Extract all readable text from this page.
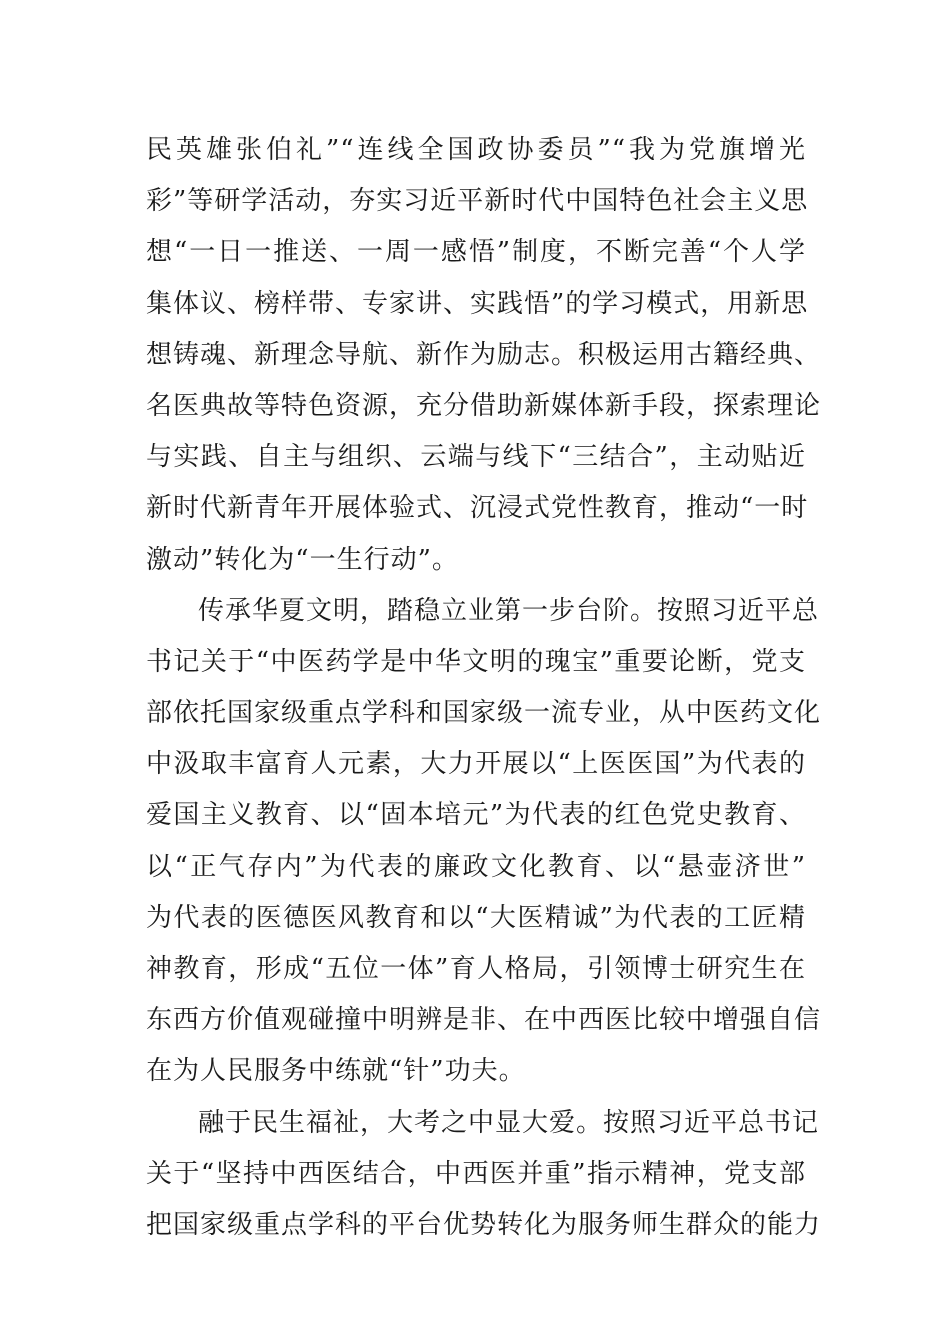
民英雄张伯礼”“连线全国政协委员”“我为党旗增光
彩”等研学活动，夯实习近平新时代中国特色社会主义思
想“一日一推送、一周一感悟”制度，不断完善“个人学
集体议、榜样带、专家讲、实践悟”的学习模式，用新思
想铸魂、新理念导航、新作为励志。积极运用古籍经典、
名医典故等特色资源，充分借助新媒体新手段，探索理论
与实践、自主与组织、云端与线下“三结合”，主动贴近
新时代新青年开展体验式、沉浸式党性教育，推动“一时
激动”转化为“一生行动”。
传承华夏文明，踏稳立业第一步台阶。按照习近平总
书记关于“中医药学是中华文明的瑰宝”重要论断，党支
部依托国家级重点学科和国家级一流专业，从中医药文化
中汲取丰富育人元素，大力开展以“上医医国”为代表的
爱国主义教育、以“固本培元”为代表的红色党史教育、
以“正气存内”为代表的廉政文化教育、以“悬壶济世”
为代表的医德医风教育和以“大医精诚”为代表的工匠精
神教育，形成“五位一体”育人格局，引领博士研究生在
东西方价值观碰撞中明辨是非、在中西医比较中增强自信
在为人民服务中练就“针”功夫。
融于民生福祉，大考之中显大爱。按照习近平总书记
关于“坚持中西医结合，中西医并重”指示精神，党支部
把国家级重点学科的平台优势转化为服务师生群众的能力
